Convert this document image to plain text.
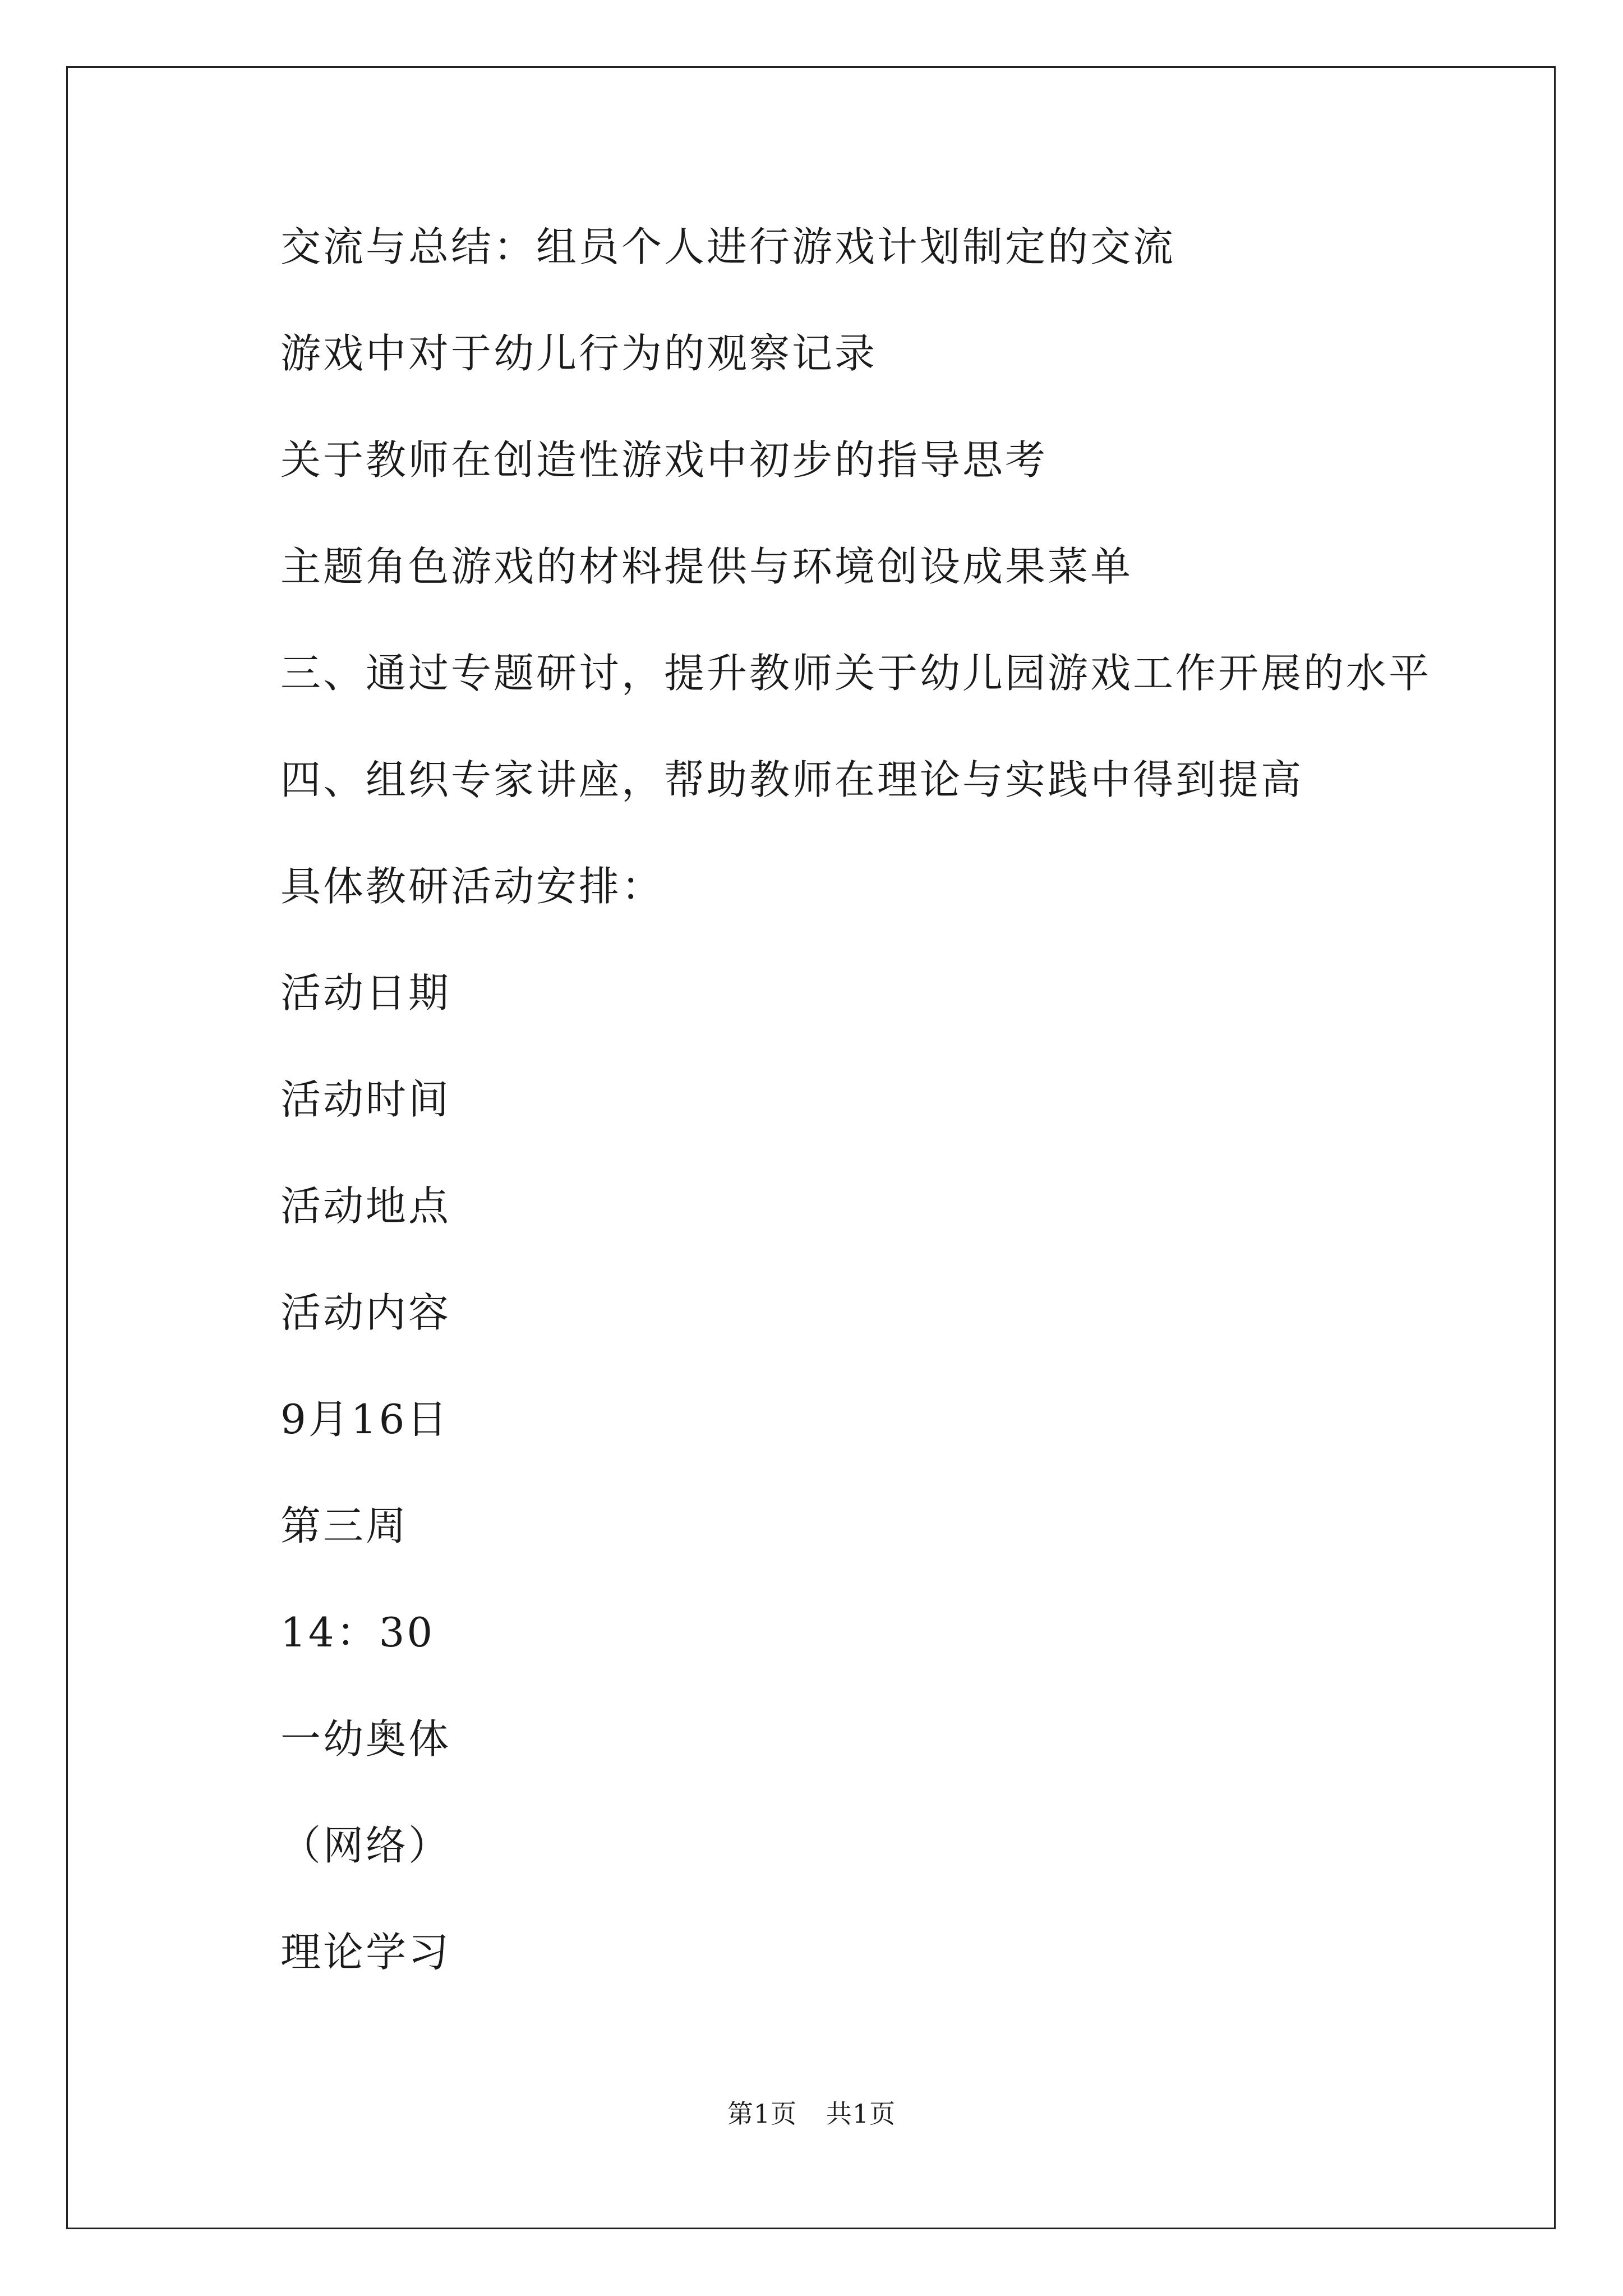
交流与总结：组员个人进行游戏计划制定的交流
游戏中对于幼儿行为的观察记录
关于教师在创造性游戏中初步的指导思考
主题角色游戏的材料提供与环境创设成果菜单
三、通过专题研讨，提升教师关于幼儿园游戏工作开展的水平
四、组织专家讲座，帮助教师在理论与实践中得到提高
具体教研活动安排：
活动日期
活动时间
活动地点
活动内容
9月16日
第三周
14：30
一幼奥体
（网络）
理论学习
第1页 共1页
